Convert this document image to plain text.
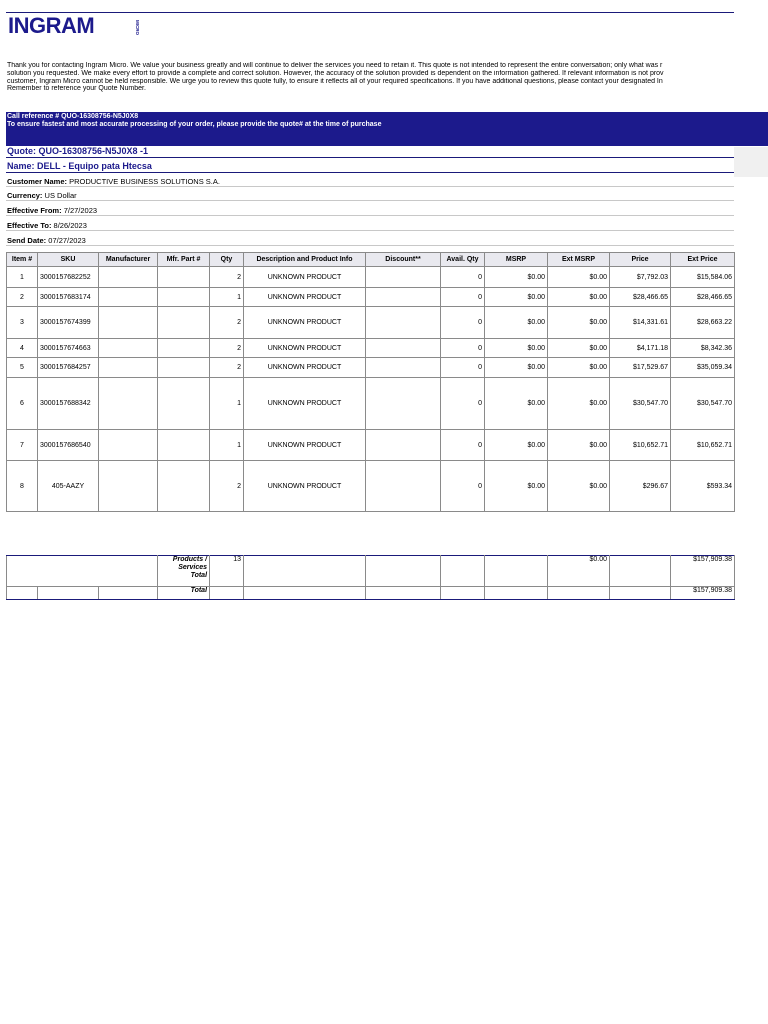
INGRAM	MICRO
Thank you for contacting Ingram Micro. We value your business greatly and will continue to deliver the services you need to retain it. This quote is not intended to represent the entire conversation; only what was r
solution you requested. We make every effort to provide a complete and correct solution. However, the accuracy of the solution provided is dependent on the information gathered. If relevant information is not prov
customer, Ingram Micro cannot be held responsible. We urge you to review this quote fully, to ensure it reflects all of your required specifications. If you have additional questions, please contact your designated In
Remember to reference your Quote Number.
Call reference # QUO-16308756-N5J0X8
To ensure fastest and most accurate processing of your order, please provide the quote# at the time of purchase
Quote: QUO-16308756-N5J0X8 -1
Name: DELL - Equipo pata Htecsa
Customer Name: PRODUCTIVE BUSINESS SOLUTIONS S.A.
Currency: US Dollar
Effective From: 7/27/2023
Effective To: 8/26/2023
Send Date: 07/27/2023
Item #	SKU	Manufacturer	Mfr. Part #	Qty	Description and Product Info	Discount**	Avail. Qty	MSRP	Ext MSRP	Price	Ext Price
1	3000157682252			2	UNKNOWN PRODUCT		0	$0.00	$0.00	$7,792.03	$15,584.06
2	3000157683174			1	UNKNOWN PRODUCT		0	$0.00	$0.00	$28,466.65	$28,466.65
3	3000157674399			2	UNKNOWN PRODUCT		0	$0.00	$0.00	$14,331.61	$28,663.22
4	3000157674663			2	UNKNOWN PRODUCT		0	$0.00	$0.00	$4,171.18	$8,342.36
5	3000157684257			2	UNKNOWN PRODUCT		0	$0.00	$0.00	$17,529.67	$35,059.34
6	3000157688342			1	UNKNOWN PRODUCT		0	$0.00	$0.00	$30,547.70	$30,547.70
7	3000157686540			1	UNKNOWN PRODUCT		0	$0.00	$0.00	$10,652.71	$10,652.71
8	405-AAZY			2	UNKNOWN PRODUCT		0	$0.00	$0.00	$296.67	$593.34
			Products / Services Total	13					$0.00		$157,909.38
			Total								$157,909.38
